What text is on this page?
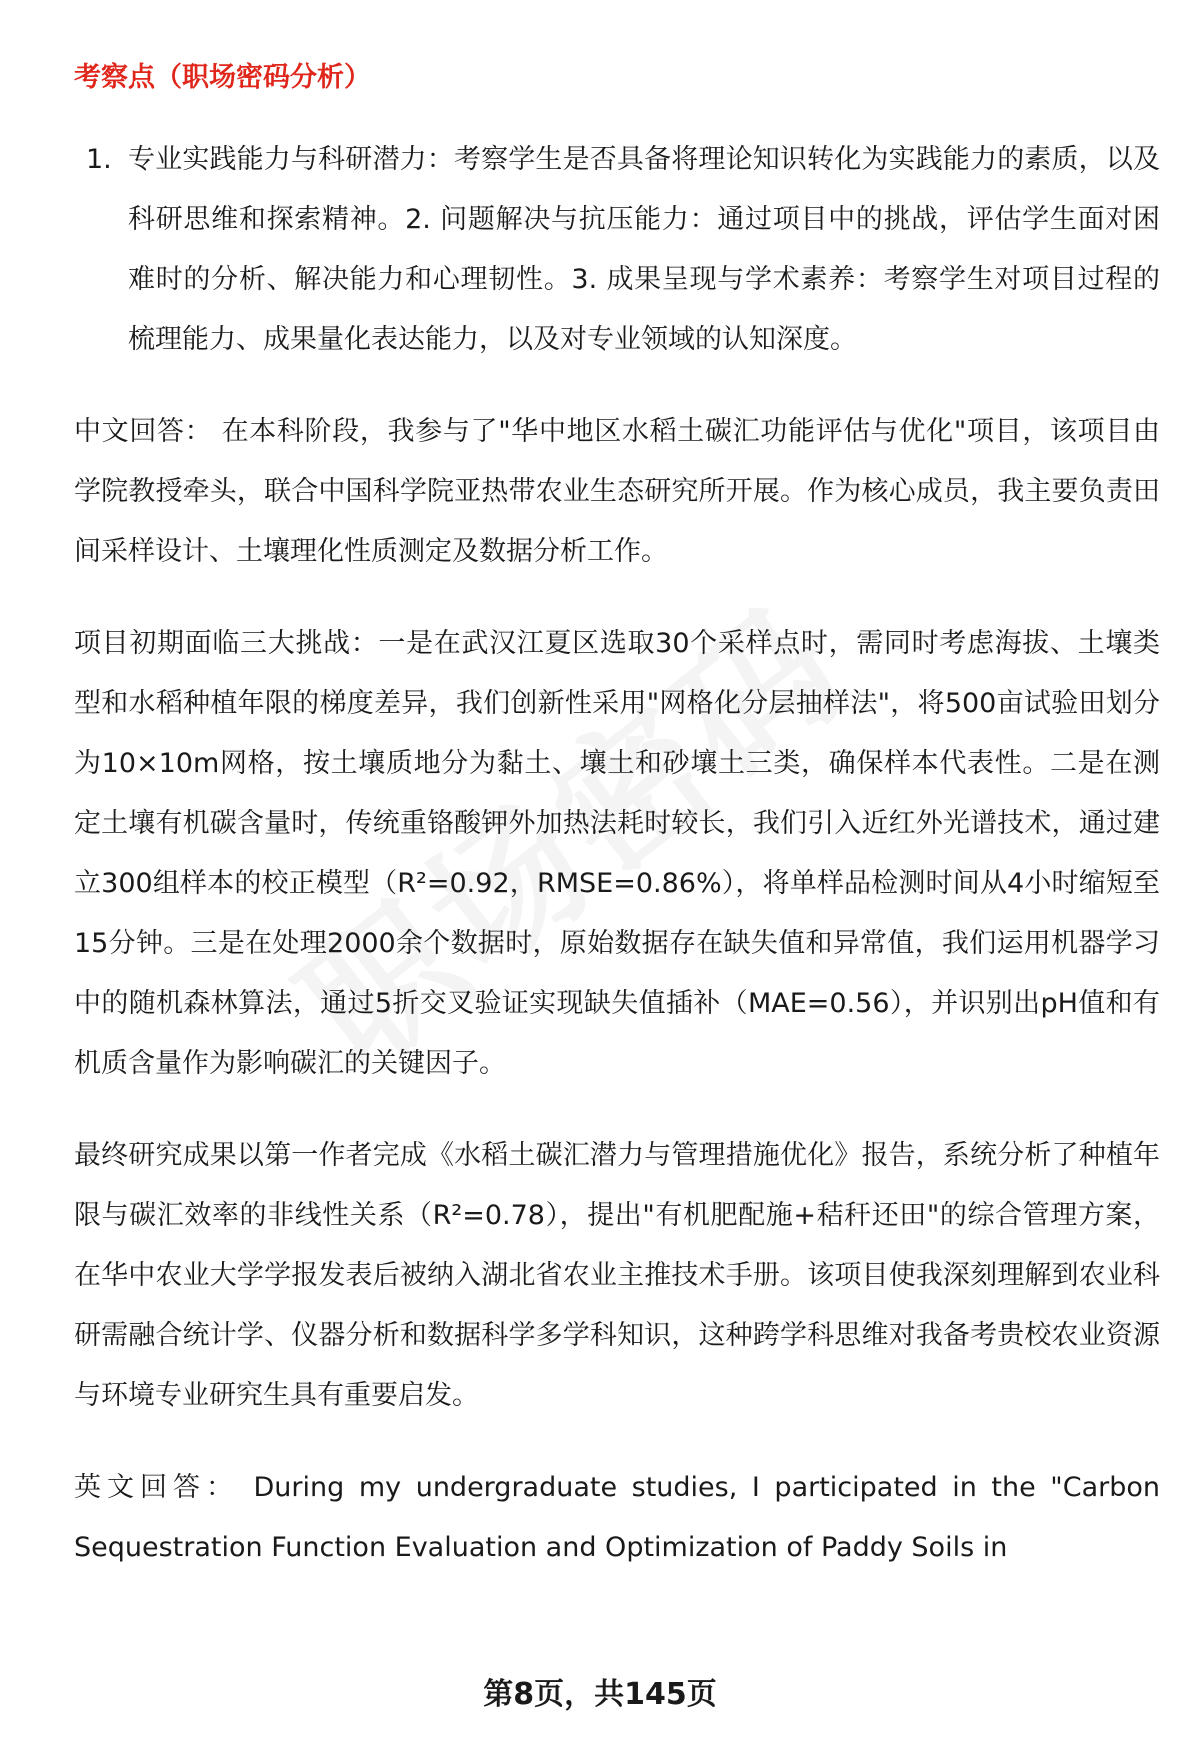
考察点（职场密码分析）
1. 专业实践能力与科研潜力：考察学生是否具备将理论知识转化为实践能力的素质，以及科研思维和探索精神。2. 问题解决与抗压能力：通过项目中的挑战，评估学生面对困难时的分析、解决能力和心理韧性。3. 成果呈现与学术素养：考察学生对项目过程的梳理能力、成果量化表达能力，以及对专业领域的认知深度。

中文回答： 在本科阶段，我参与了"华中地区水稻土碳汇功能评估与优化"项目，该项目由学院教授牵头，联合中国科学院亚热带农业生态研究所开展。作为核心成员，我主要负责田间采样设计、土壤理化性质测定及数据分析工作。

项目初期面临三大挑战：一是在武汉江夏区选取30个采样点时，需同时考虑海拔、土壤类型和水稻种植年限的梯度差异，我们创新性采用"网格化分层抽样法"，将500亩试验田划分为10×10m网格，按土壤质地分为黏土、壤土和砂壤土三类，确保样本代表性。二是在测定土壤有机碳含量时，传统重铬酸钾外加热法耗时较长，我们引入近红外光谱技术，通过建立300组样本的校正模型（R²=0.92，RMSE=0.86%），将单样品检测时间从4小时缩短至15分钟。三是在处理2000余个数据时，原始数据存在缺失值和异常值，我们运用机器学习中的随机森林算法，通过5折交叉验证实现缺失值插补（MAE=0.56），并识别出pH值和有机质含量作为影响碳汇的关键因子。

最终研究成果以第一作者完成《水稻土碳汇潜力与管理措施优化》报告，系统分析了种植年限与碳汇效率的非线性关系（R²=0.78），提出"有机肥配施+秸秆还田"的综合管理方案，在华中农业大学学报发表后被纳入湖北省农业主推技术手册。该项目使我深刻理解到农业科研需融合统计学、仪器分析和数据科学多学科知识，这种跨学科思维对我备考贵校农业资源与环境专业研究生具有重要启发。

英文回答： During my undergraduate studies, I participated in the "Carbon Sequestration Function Evaluation and Optimization of Paddy Soils in

第8页，共145页
